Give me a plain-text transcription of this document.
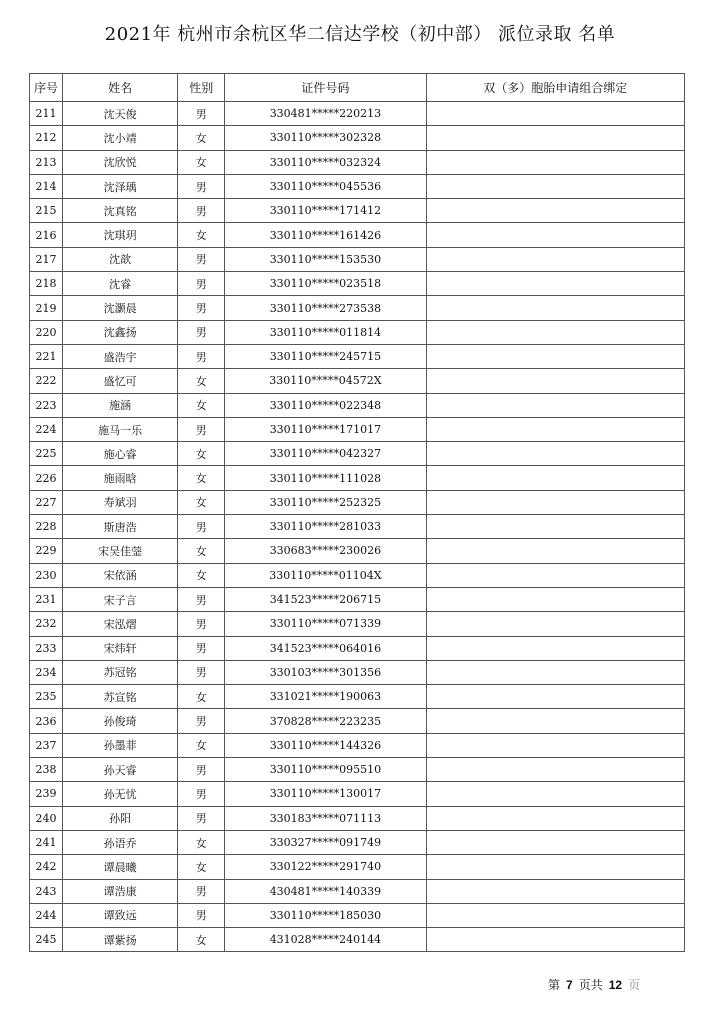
2021年 杭州市余杭区华二信达学校（初中部） 派位录取 名单
序号	姓名	性别	证件号码	双（多）胞胎申请组合绑定
211	沈天俊	男	330481*****220213	
212	沈小靖	女	330110*****302328	
213	沈欣悦	女	330110*****032324	
214	沈泽瑀	男	330110*****045536	
215	沈真铭	男	330110*****171412	
216	沈琪玥	女	330110*****161426	
217	沈歆	男	330110*****153530	
218	沈睿	男	330110*****023518	
219	沈灏晨	男	330110*****273538	
220	沈鑫扬	男	330110*****011814	
221	盛浩宇	男	330110*****245715	
222	盛忆可	女	330110*****04572X	
223	施涵	女	330110*****022348	
224	施马一乐	男	330110*****171017	
225	施心睿	女	330110*****042327	
226	施雨晗	女	330110*****111028	
227	寿斌羽	女	330110*****252325	
228	斯唐浩	男	330110*****281033	
229	宋吴佳蓥	女	330683*****230026	
230	宋依涵	女	330110*****01104X	
231	宋子言	男	341523*****206715	
232	宋泓熠	男	330110*****071339	
233	宋炜轩	男	341523*****064016	
234	苏冠铭	男	330103*****301356	
235	苏宣铭	女	331021*****190063	
236	孙俊琦	男	370828*****223235	
237	孙墨菲	女	330110*****144326	
238	孙天睿	男	330110*****095510	
239	孙无忧	男	330110*****130017	
240	孙阳	男	330183*****071113	
241	孙语乔	女	330327*****091749	
242	谭晨曦	女	330122*****291740	
243	谭浩康	男	430481*****140339	
244	谭致远	男	330110*****185030	
245	谭紫扬	女	431028*****240144	
第 7 页共 12 页
